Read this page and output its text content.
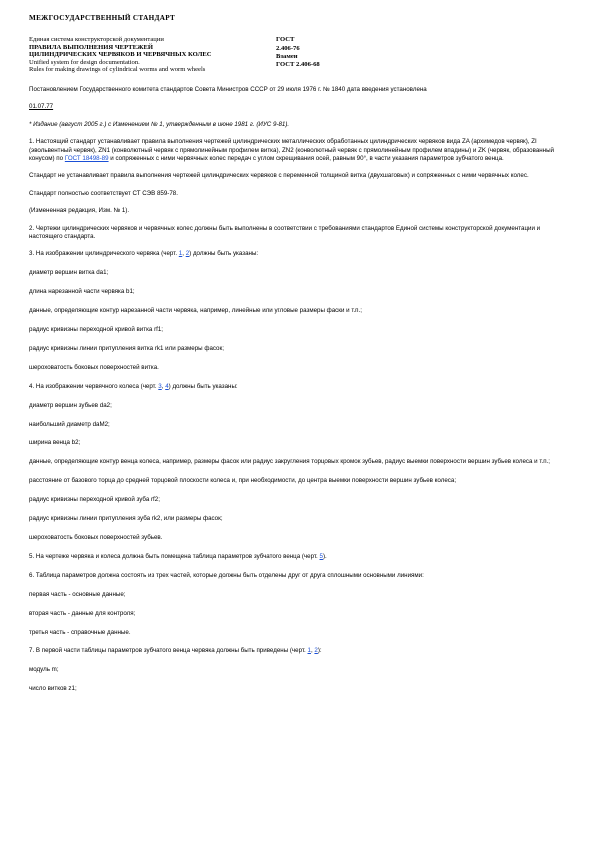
МЕЖГОСУДАРСТВЕННЫЙ СТАНДАРТ
Единая система конструкторской документации
ПРАВИЛА ВЫПОЛНЕНИЯ ЧЕРТЕЖЕЙ
ЦИЛИНДРИЧЕСКИХ ЧЕРВЯКОВ И ЧЕРВЯЧНЫХ КОЛЕС
Unified system for design documentation.
Rules for making drawings of cylindrical worms and worm wheels
ГОСТ
2.406-76
Взамен
ГОСТ 2.406-68

Постановлением Государственного комитета стандартов Совета Министров СССР от 29 июля 1976 г. № 1840 дата введения установлена

01.07.77

* Издание (август 2005 г.) с Изменением № 1, утвержденным в июне 1981 г. (ИУС 9-81).

1. Настоящий стандарт устанавливает правила выполнения чертежей цилиндрических металлических обработанных цилиндрических червяков вида ZA (архимедов червяк), ZI (эвольвентный червяк), ZN1 (конволютный червяк с прямолинейным профилем витка), ZN2 (конволютный червяк с прямолинейным профилем впадины) и ZK (червяк, образованный конусом) по ГОСТ 18498-89 и сопряженных с ними червячных колес передач с углом скрещивания осей, равным 90°, в части указания параметров зубчатого венца.

Стандарт не устанавливает правила выполнения чертежей цилиндрических червяков с переменной толщиной витка (двухшаговых) и сопряженных с ними червячных колес.

Стандарт полностью соответствует СТ СЭВ 859-78.

(Измененная редакция, Изм. № 1).

2. Чертежи цилиндрических червяков и червячных колес должны быть выполнены в соответствии с требованиями стандартов Единой системы конструкторской документации и настоящего стандарта.

3. На изображении цилиндрического червяка (черт. 1, 2) должны быть указаны:

диаметр вершин витка da1;

длина нарезанной части червяка b1;

данные, определяющие контур нарезанной части червяка, например, линейные или угловые размеры фаски и т.п.;

радиус кривизны переходной кривой витка rf1;

радиус кривизны линии притупления витка rk1 или размеры фасок;

шероховатость боковых поверхностей витка.

4. На изображении червячного колеса (черт. 3, 4) должны быть указаны:

диаметр вершин зубьев da2;

наибольший диаметр daM2;

ширина венца b2;

данные, определяющие контур венца колеса, например, размеры фасок или радиус закругления торцовых кромок зубьев, радиус выемки поверхности вершин зубьев колеса и т.п.;

расстояние от базового торца до средней торцовой плоскости колеса и, при необходимости, до центра выемки поверхности вершин зубьев колеса;

радиус кривизны переходной кривой зуба rf2;

радиус кривизны линии притупления зуба rk2, или размеры фасок;

шероховатость боковых поверхностей зубьев.

5. На чертеже червяка и колеса должна быть помещена таблица параметров зубчатого венца (черт. 5).

6. Таблица параметров должна состоять из трех частей, которые должны быть отделены друг от друга сплошными основными линиями:

первая часть - основные данные;

вторая часть - данные для контроля;

третья часть - справочные данные.

7. В первой части таблицы параметров зубчатого венца червяка должны быть приведены (черт. 1, 2):

модуль m;

число витков z1;
